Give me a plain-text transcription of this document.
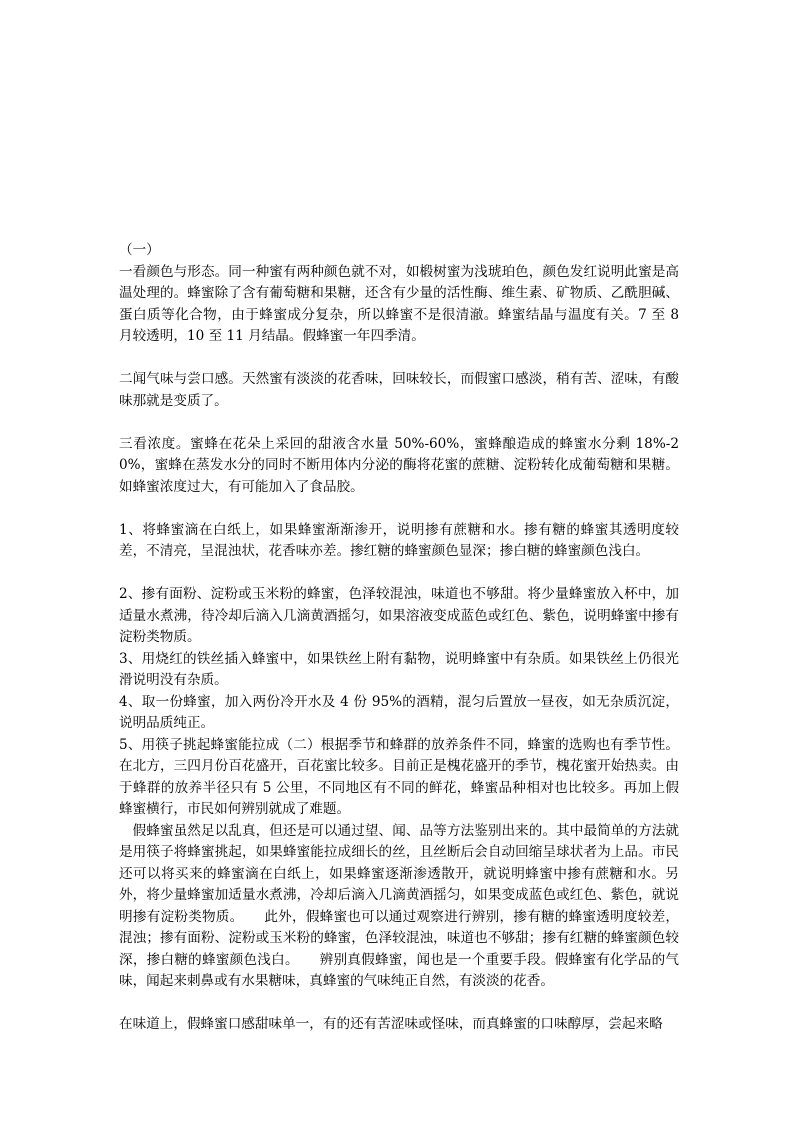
（一）

一看颜色与形态。同一种蜜有两种颜色就不对，如椴树蜜为浅琥珀色，颜色发红说明此蜜是高温处理的。蜂蜜除了含有葡萄糖和果糖，还含有少量的活性酶、维生素、矿物质、乙酰胆碱、蛋白质等化合物，由于蜂蜜成分复杂，所以蜂蜜不是很清澈。蜂蜜结晶与温度有关。7 至 8 月较透明，10 至 11 月结晶。假蜂蜜一年四季清。

二闻气味与尝口感。天然蜜有淡淡的花香味，回味较长，而假蜜口感淡，稍有苦、涩味，有酸味那就是变质了。

三看浓度。蜜蜂在花朵上采回的甜液含水量 50%-60%，蜜蜂酿造成的蜂蜜水分剩 18%-20%，蜜蜂在蒸发水分的同时不断用体内分泌的酶将花蜜的蔗糖、淀粉转化成葡萄糖和果糖。如蜂蜜浓度过大，有可能加入了食品胶。

1、将蜂蜜滴在白纸上，如果蜂蜜渐渐渗开，说明掺有蔗糖和水。掺有糖的蜂蜜其透明度较差，不清亮，呈混浊状，花香味亦差。掺红糖的蜂蜜颜色显深；掺白糖的蜂蜜颜色浅白。

2、掺有面粉、淀粉或玉米粉的蜂蜜，色泽较混浊，味道也不够甜。将少量蜂蜜放入杯中，加适量水煮沸，待冷却后滴入几滴黄酒摇匀，如果溶液变成蓝色或红色、紫色，说明蜂蜜中掺有淀粉类物质。

3、用烧红的铁丝插入蜂蜜中，如果铁丝上附有黏物，说明蜂蜜中有杂质。如果铁丝上仍很光滑说明没有杂质。

4、取一份蜂蜜，加入两份冷开水及 4 份 95%的酒精，混匀后置放一昼夜，如无杂质沉淀，说明品质纯正。

5、用筷子挑起蜂蜜能拉成（二）根据季节和蜂群的放养条件不同，蜂蜜的选购也有季节性。在北方，三四月份百花盛开，百花蜜比较多。目前正是槐花盛开的季节，槐花蜜开始热卖。由于蜂群的放养半径只有 5 公里，不同地区有不同的鲜花，蜂蜜品种相对也比较多。再加上假蜂蜜横行，市民如何辨别就成了难题。

　假蜂蜜虽然足以乱真，但还是可以通过望、闻、品等方法鉴别出来的。其中最简单的方法就是用筷子将蜂蜜挑起，如果蜂蜜能拉成细长的丝，且丝断后会自动回缩呈球状者为上品。市民还可以将买来的蜂蜜滴在白纸上，如果蜂蜜逐渐渗透散开，就说明蜂蜜中掺有蔗糖和水。另外，将少量蜂蜜加适量水煮沸，冷却后滴入几滴黄酒摇匀，如果变成蓝色或红色、紫色，就说明掺有淀粉类物质。　　此外，假蜂蜜也可以通过观察进行辨别，掺有糖的蜂蜜透明度较差，混浊；掺有面粉、淀粉或玉米粉的蜂蜜，色泽较混浊，味道也不够甜；掺有红糖的蜂蜜颜色较深，掺白糖的蜂蜜颜色浅白。　　辨别真假蜂蜜，闻也是一个重要手段。假蜂蜜有化学品的气味，闻起来刺鼻或有水果糖味，真蜂蜜的气味纯正自然，有淡淡的花香。

在味道上，假蜂蜜口感甜味单一，有的还有苦涩味或怪味，而真蜂蜜的口味醇厚，尝起来略
